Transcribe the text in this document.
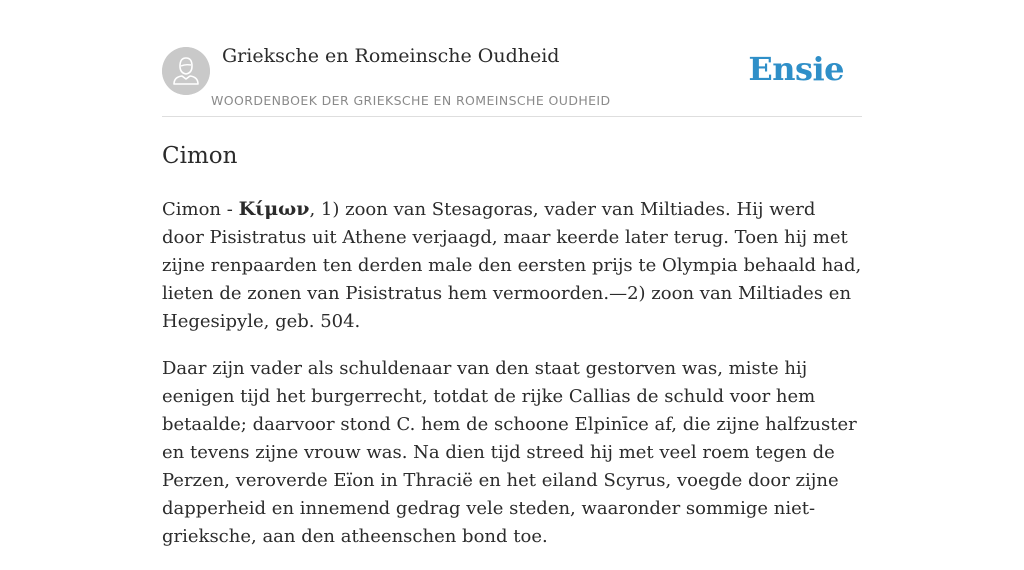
Grieksche en Romeinsche Oudheid
WOORDENBOEK DER GRIEKSCHE EN ROMEINSCHE OUDHEID
Ensie
Cimon

Cimon - Κίμων, 1) zoon van Stesagoras, vader van Miltiades. Hij werd door Pisistratus uit Athene verjaagd, maar keerde later terug. Toen hij met zijne renpaarden ten derden male den eersten prijs te Olympia behaald had, lieten de zonen van Pisistratus hem vermoorden.—2) zoon van Miltiades en Hegesipyle, geb. 504.

Daar zijn vader als schuldenaar van den staat gestorven was, miste hij eenigen tijd het burgerrecht, totdat de rijke Callias de schuld voor hem betaalde; daarvoor stond C. hem de schoone Elpinīce af, die zijne halfzuster en tevens zijne vrouw was. Na dien tijd streed hij met veel roem tegen de Perzen, veroverde Eïon in Thracië en het eiland Scyrus, voegde door zijne dapperheid en innemend gedrag vele steden, waaronder sommige niet-grieksche, aan den atheenschen bond toe.
